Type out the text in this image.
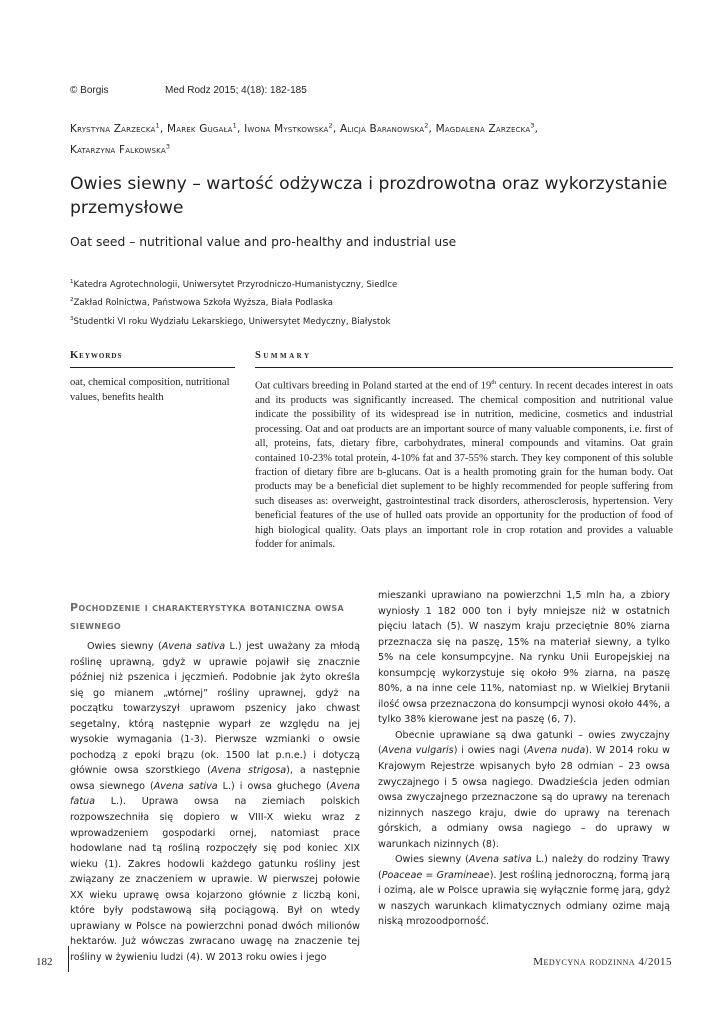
© Borgis	Med Rodz 2015; 4(18): 182-185
Krystyna Zarzecka$^1$, Marek Gugała$^1$, Iwona Mystkowska$^2$, Alicja Baranowska$^2$, Magdalena Zarzecka$^3$,
Katarzyna Falkowska$^3$
Owies siewny – wartość odżywcza i prozdrowotna oraz wykorzystanie przemysłowe
Oat seed – nutritional value and pro-healthy and industrial use
$^1$Katedra Agrotechnologii, Uniwersytet Przyrodniczo-Humanistyczny, Siedlce
$^2$Zakład Rolnictwa, Państwowa Szkoła Wyższa, Biała Podlaska
$^3$Studentki VI roku Wydziału Lekarskiego, Uniwersytet Medyczny, Białystok
Keywords	Summary
oat, chemical composition, nutritional values, benefits health
Oat cultivars breeding in Poland started at the end of 19th century. In recent decades interest in oats and its products was significantly increased. The chemical composition and nutritional value indicate the possibility of its widespread ise in nutrition, medicine, cosmetics and industrial processing. Oat and oat products are an important source of many valuable components, i.e. first of all, proteins, fats, dietary fibre, carbohydrates, mineral compounds and vitamins. Oat grain contained 10-23% total protein, 4-10% fat and 37-55% starch. They key component of this soluble fraction of dietary fibre are b-glucans. Oat is a health promoting grain for the human body. Oat products may be a beneficial diet suplement to be highly recommended for people suffering from such diseases as: overweight, gastrointestinal track disorders, atherosclerosis, hypertension. Very beneficial features of the use of hulled oats provide an opportunity for the production of food of high biological quality. Oats plays an important role in crop rotation and provides a valuable fodder for animals.
Pochodzenie i charakterystyka botaniczna owsa siewnego

Owies siewny (Avena sativa L.) jest uważany za młodą roślinę uprawną, gdyż w uprawie pojawił się znacznie później niż pszenica i jęczmień. Podobnie jak żyto określa się go mianem „wtórnej” rośliny uprawnej, gdyż na początku towarzyszył uprawom pszenicy jako chwast segetalny, którą następnie wyparł ze względu na jej wysokie wymagania (1-3). Pierwsze wzmianki o owsie pochodzą z epoki brązu (ok. 1500 lat p.n.e.) i dotyczą głównie owsa szorstkiego (Avena strigosa), a następnie owsa siewnego (Avena sativa L.) i owsa głuchego (Avena fatua L.). Uprawa owsa na ziemiach polskich rozpowszechniła się dopiero w VIII-X wieku wraz z wprowadzeniem gospodarki ornej, natomiast prace hodowlane nad tą rośliną rozpoczęły się pod koniec XIX wieku (1). Zakres hodowli każdego gatunku rośliny jest związany ze znaczeniem w uprawie. W pierwszej połowie XX wieku uprawę owsa kojarzono głównie z liczbą koni, które były podstawową siłą pociągową. Był on wtedy uprawiany w Polsce na powierzchni ponad dwóch milionów hektarów. Już wówczas zwracano uwagę na znaczenie tej rośliny w żywieniu ludzi (4). W 2013 roku owies i jego

mieszanki uprawiano na powierzchni 1,5 mln ha, a zbiory wyniosły 1 182 000 ton i były mniejsze niż w ostatnich pięciu latach (5). W naszym kraju przeciętnie 80% ziarna przeznacza się na paszę, 15% na materiał siewny, a tylko 5% na cele konsumpcyjne. Na rynku Unii Europejskiej na konsumpcję wykorzystuje się około 9% ziarna, na paszę 80%, a na inne cele 11%, natomiast np. w Wielkiej Brytanii ilość owsa przeznaczona do konsumpcji wynosi około 44%, a tylko 38% kierowane jest na paszę (6, 7).

Obecnie uprawiane są dwa gatunki – owies zwyczajny (Avena vulgaris) i owies nagi (Avena nuda). W 2014 roku w Krajowym Rejestrze wpisanych było 28 odmian – 23 owsa zwyczajnego i 5 owsa nagiego. Dwadzieścia jeden odmian owsa zwyczajnego przeznaczone są do uprawy na terenach nizinnych naszego kraju, dwie do uprawy na terenach górskich, a odmiany owsa nagiego – do uprawy w warunkach nizinnych (8).

Owies siewny (Avena sativa L.) należy do rodziny Trawy (Poaceae = Gramineae). Jest rośliną jednoroczną, formą jarą i ozimą, ale w Polsce uprawia się wyłącznie formę jarą, gdyż w naszych warunkach klimatycznych odmiany ozime mają niską mrozoodporność.

182	Medycyna rodzinna 4/2015
